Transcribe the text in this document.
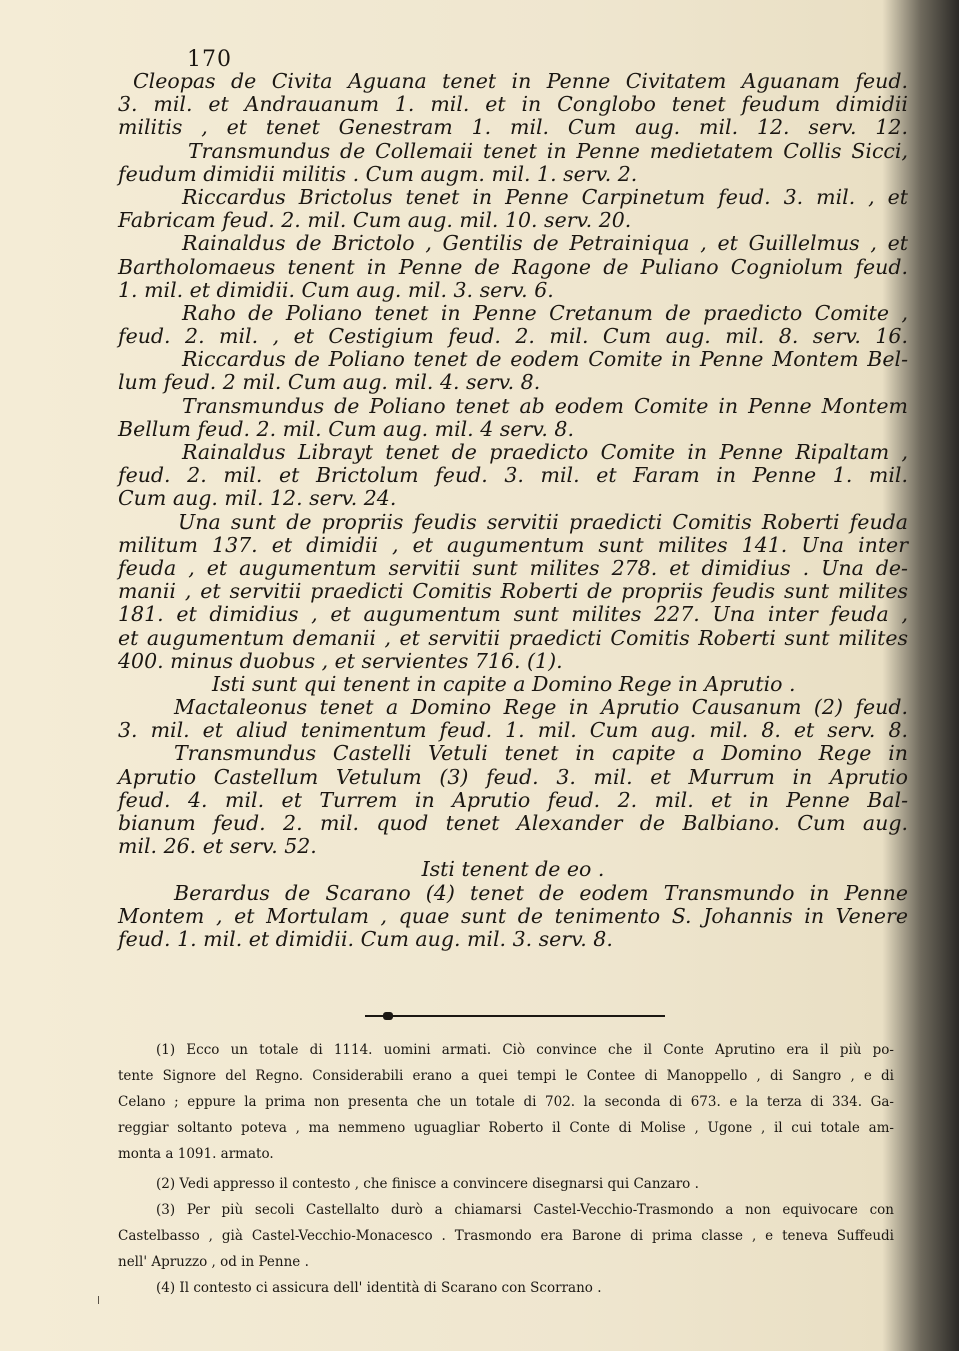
170
Cleopas de Civita Aguana tenet in Penne Civitatem Aguanam feud.
3. mil. et Andrauanum 1. mil. et in Conglobo tenet feudum dimidii
militis , et tenet Genestram 1. mil. Cum aug. mil. 12. serv. 12.
Transmundus de Collemaii tenet in Penne medietatem Collis Sicci,
feudum dimidii militis . Cum augm. mil. 1. serv. 2.
Riccardus Brictolus tenet in Penne Carpinetum feud. 3. mil. , et
Fabricam feud. 2. mil. Cum aug. mil. 10. serv. 20.
Rainaldus de Brictolo , Gentilis de Petrainiqua , et Guillelmus , et
Bartholomaeus tenent in Penne de Ragone de Puliano Cogniolum feud.
1. mil. et dimidii. Cum aug. mil. 3. serv. 6.
Raho de Poliano tenet in Penne Cretanum de praedicto Comite ,
feud. 2. mil. , et Cestigium feud. 2. mil. Cum aug. mil. 8. serv. 16.
Riccardus de Poliano tenet de eodem Comite in Penne Montem Bel-
lum feud. 2 mil. Cum aug. mil. 4. serv. 8.
Transmundus de Poliano tenet ab eodem Comite in Penne Montem
Bellum feud. 2. mil. Cum aug. mil. 4 serv. 8.
Rainaldus Librayt tenet de praedicto Comite in Penne Ripaltam ,
feud. 2. mil. et Brictolum feud. 3. mil. et Faram in Penne 1. mil.
Cum aug. mil. 12. serv. 24.
Una sunt de propriis feudis servitii praedicti Comitis Roberti feuda
militum 137. et dimidii , et augumentum sunt milites 141. Una inter
feuda , et augumentum servitii sunt milites 278. et dimidius . Una de-
manii , et servitii praedicti Comitis Roberti de propriis feudis sunt milites
181. et dimidius , et augumentum sunt milites 227. Una inter feuda ,
et augumentum demanii , et servitii praedicti Comitis Roberti sunt milites
400. minus duobus , et servientes 716. (1).
Isti sunt qui tenent in capite a Domino Rege in Aprutio .
Mactaleonus tenet a Domino Rege in Aprutio Causanum (2) feud.
3. mil. et aliud tenimentum feud. 1. mil. Cum aug. mil. 8. et serv. 8.
Transmundus Castelli Vetuli tenet in capite a Domino Rege in
Aprutio Castellum Vetulum (3) feud. 3. mil. et Murrum in Aprutio
feud. 4. mil. et Turrem in Aprutio feud. 2. mil. et in Penne Bal-
bianum feud. 2. mil. quod tenet Alexander de Balbiano. Cum aug.
mil. 26. et serv. 52.
Isti tenent de eo .
Berardus de Scarano (4) tenet de eodem Transmundo in Penne
Montem , et Mortulam , quae sunt de tenimento S. Johannis in Venere
feud. 1. mil. et dimidii. Cum aug. mil. 3. serv. 8.
(1) Ecco un totale di 1114. uomini armati. Ciò convince che il Conte Aprutino era il più po-
tente Signore del Regno. Considerabili erano a quei tempi le Contee di Manoppello , di Sangro , e di
Celano ; eppure la prima non presenta che un totale di 702. la seconda di 673. e la terza di 334. Ga-
reggiar soltanto poteva , ma nemmeno uguagliar Roberto il Conte di Molise , Ugone , il cui totale am-
monta a 1091. armato.
(2) Vedi appresso il contesto , che finisce a convincere disegnarsi qui Canzaro .
(3) Per più secoli Castellalto durò a chiamarsi Castel-Vecchio-Trasmondo a non equivocare con
Castelbasso , già Castel-Vecchio-Monacesco . Trasmondo era Barone di prima classe , e teneva Suffeudi
nell' Apruzzo , od in Penne .
(4) Il contesto ci assicura dell' identità di Scarano con Scorrano .
